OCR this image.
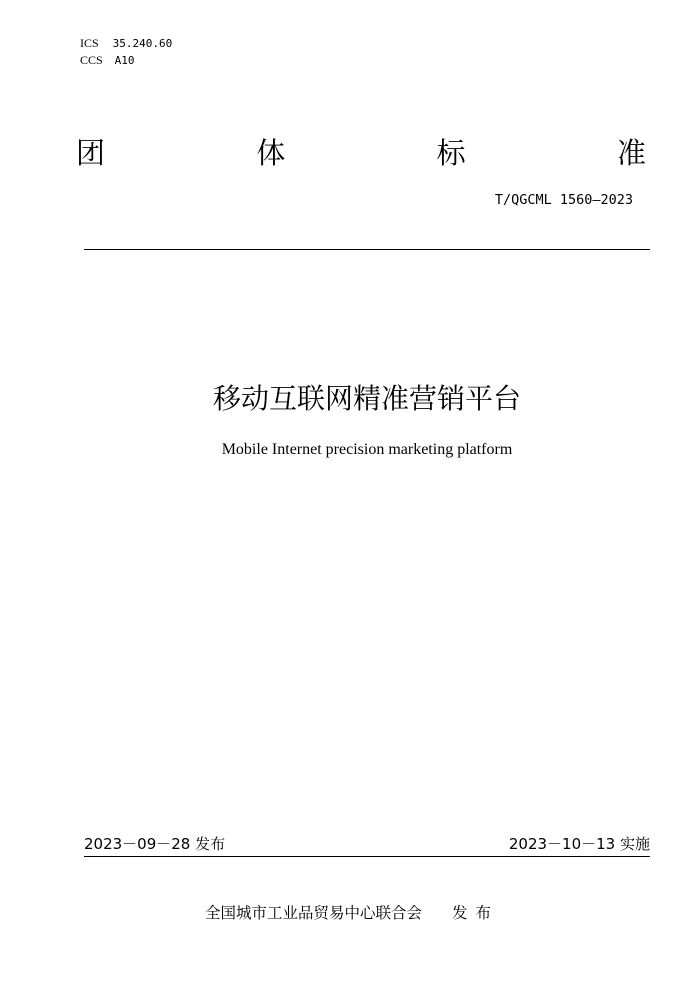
ICS 35.240.60
CCS A10
团	体	标	准
T/QGCML 1560—2023
移动互联网精准营销平台
Mobile Internet precision marketing platform
2023－09－28 发布	2023－10－13 实施
全国城市工业品贸易中心联合会 发布
